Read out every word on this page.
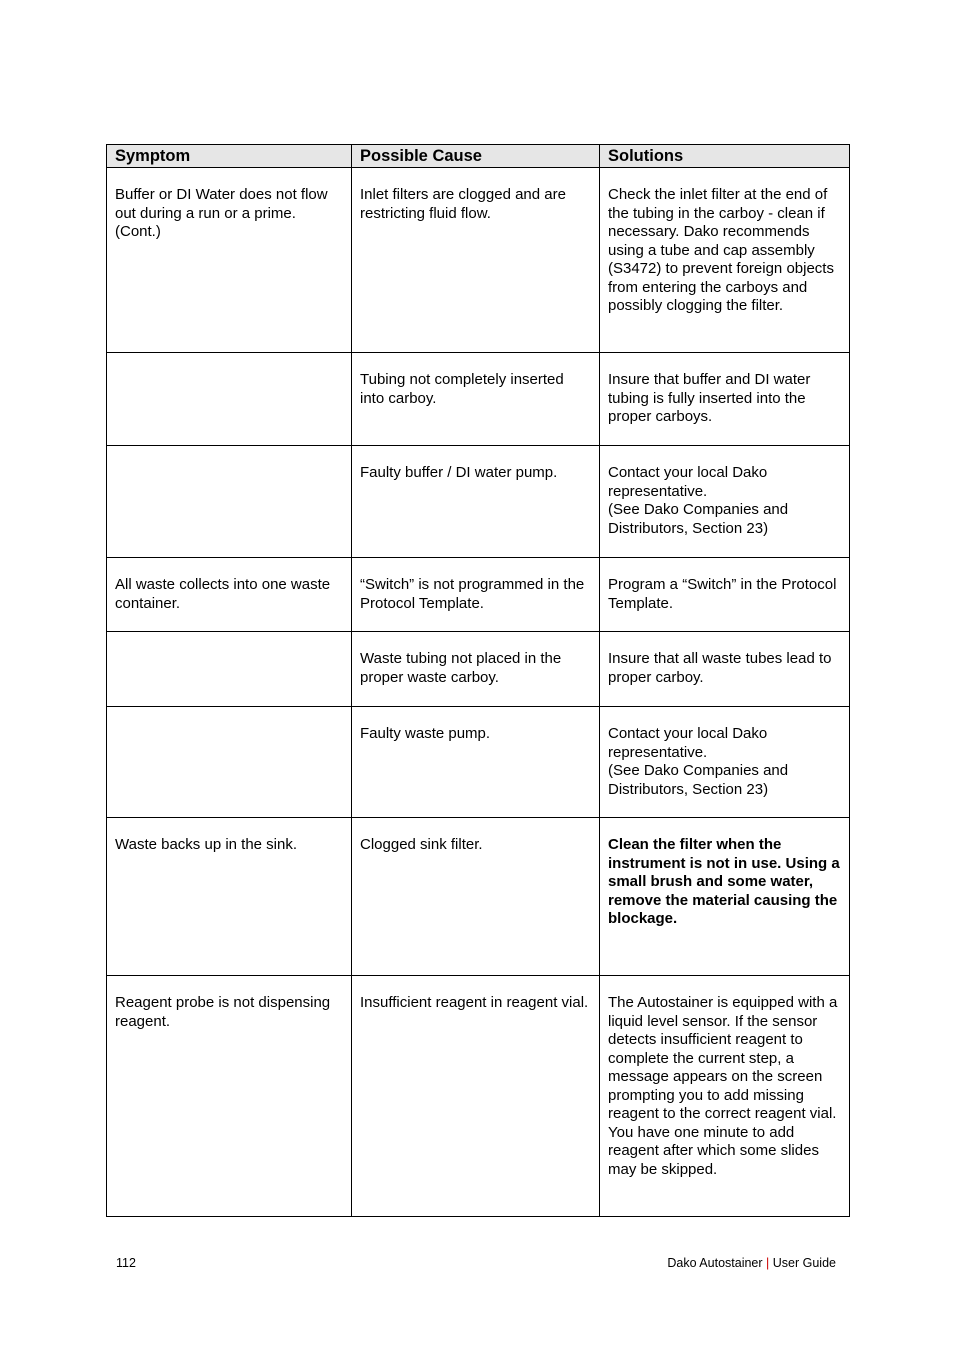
Symptom	Possible Cause	Solutions

Buffer or DI Water does not flow out during a run or a prime. (Cont.)	Inlet filters are clogged and are restricting fluid flow.	Check the inlet filter at the end of the tubing in the carboy - clean if necessary. Dako recommends using a tube and cap assembly (S3472) to prevent foreign objects from entering the carboys and possibly clogging the filter.

	Tubing not completely inserted into carboy.	Insure that buffer and DI water tubing is fully inserted into the proper carboys.

	Faulty buffer / DI water pump.	Contact your local Dako representative.
(See Dako Companies and Distributors, Section 23)

All waste collects into one waste container.	“Switch” is not programmed in the Protocol Template.	Program a “Switch” in the Protocol Template.

	Waste tubing not placed in the proper waste carboy.	Insure that all waste tubes lead to proper carboy.

	Faulty waste pump.	Contact your local Dako representative.
(See Dako Companies and Distributors, Section 23)

Waste backs up in the sink.	Clogged sink filter.	Clean the filter when the instrument is not in use. Using a small brush and some water, remove the material causing the blockage.

Reagent probe is not dispensing reagent.	Insufficient reagent in reagent vial.	The Autostainer is equipped with a liquid level sensor. If the sensor detects insufficient reagent to complete the current step, a message appears on the screen prompting you to add missing reagent to the correct reagent vial. You have one minute to add reagent after which some slides may be skipped.
112	Dako Autostainer | User Guide
